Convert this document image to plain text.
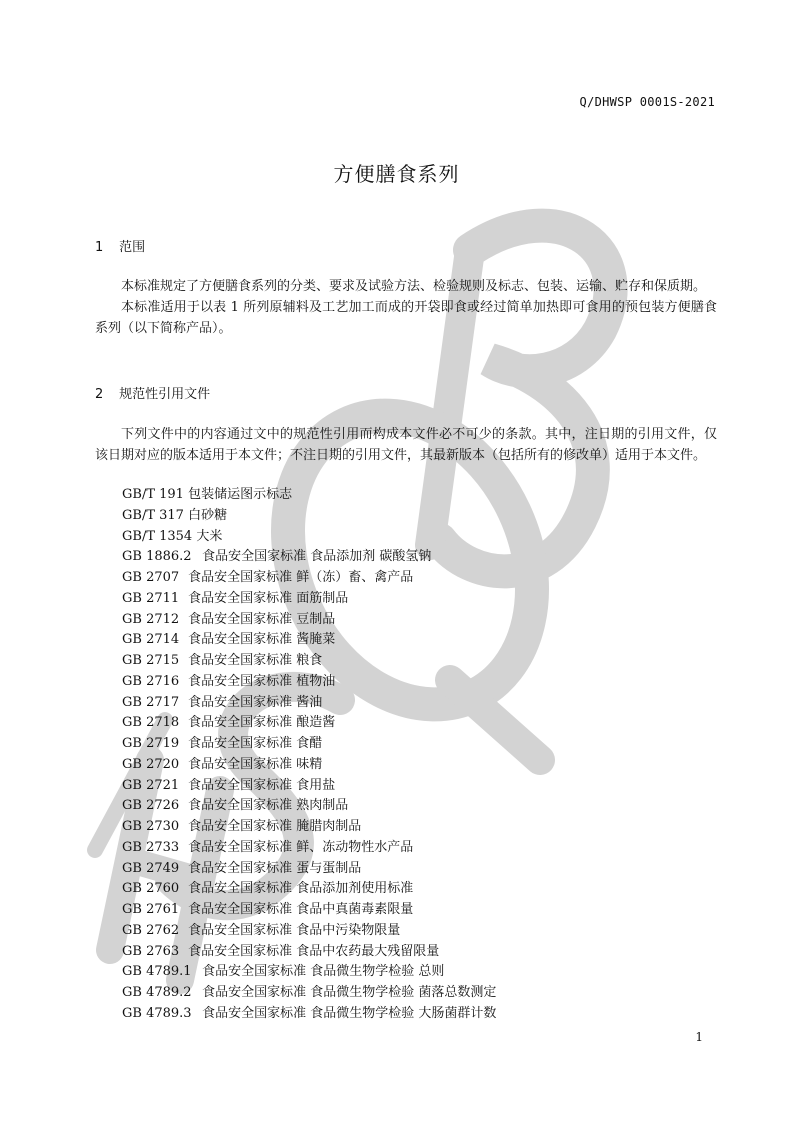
Q/DHWSP 0001S-2021
方便膳食系列
1 范围

本标准规定了方便膳食系列的分类、要求及试验方法、检验规则及标志、包装、运输、贮存和保质期。

本标准适用于以表 1 所列原辅料及工艺加工而成的开袋即食或经过简单加热即可食用的预包装方便膳食系列（以下简称产品）。

2 规范性引用文件

下列文件中的内容通过文中的规范性引用而构成本文件必不可少的条款。其中，注日期的引用文件，仅该日期对应的版本适用于本文件；不注日期的引用文件，其最新版本（包括所有的修改单）适用于本文件。

GB/T 191 包装储运图示标志
GB/T 317 白砂糖
GB/T 1354 大米
GB 1886.2 食品安全国家标准 食品添加剂 碳酸氢钠
GB 2707 食品安全国家标准 鲜（冻）畜、禽产品
GB 2711 食品安全国家标准 面筋制品
GB 2712 食品安全国家标准 豆制品
GB 2714 食品安全国家标准 酱腌菜
GB 2715 食品安全国家标准 粮食
GB 2716 食品安全国家标准 植物油
GB 2717 食品安全国家标准 酱油
GB 2718 食品安全国家标准 酿造酱
GB 2719 食品安全国家标准 食醋
GB 2720 食品安全国家标准 味精
GB 2721 食品安全国家标准 食用盐
GB 2726 食品安全国家标准 熟肉制品
GB 2730 食品安全国家标准 腌腊肉制品
GB 2733 食品安全国家标准 鲜、冻动物性水产品
GB 2749 食品安全国家标准 蛋与蛋制品
GB 2760 食品安全国家标准 食品添加剂使用标准
GB 2761 食品安全国家标准 食品中真菌毒素限量
GB 2762 食品安全国家标准 食品中污染物限量
GB 2763 食品安全国家标准 食品中农药最大残留限量
GB 4789.1 食品安全国家标准 食品微生物学检验 总则
GB 4789.2 食品安全国家标准 食品微生物学检验 菌落总数测定
GB 4789.3 食品安全国家标准 食品微生物学检验 大肠菌群计数
1
